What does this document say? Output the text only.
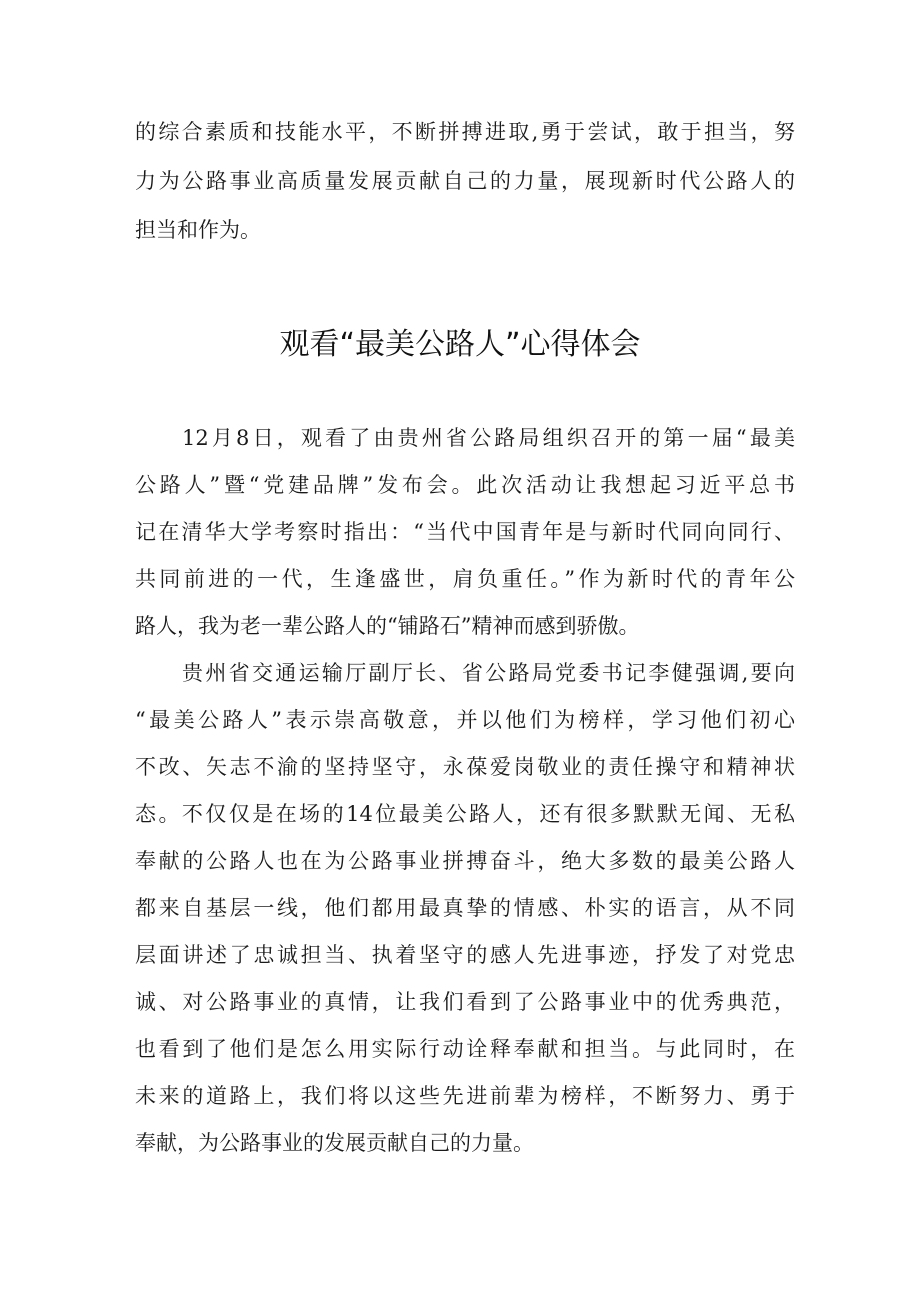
的综合素质和技能水平，不断拼搏进取,勇于尝试，敢于担当，努
力为公路事业高质量发展贡献自己的力量，展现新时代公路人的
担当和作为。
观看“最美公路人”心得体会
12月8日，观看了由贵州省公路局组织召开的第一届“最美
公路人”暨“党建品牌”发布会。此次活动让我想起习近平总书
记在清华大学考察时指出：“当代中国青年是与新时代同向同行、
共同前进的一代，生逢盛世，肩负重任。”作为新时代的青年公
路人，我为老一辈公路人的“铺路石”精神而感到骄傲。
贵州省交通运输厅副厅长、省公路局党委书记李健强调,要向
“最美公路人”表示崇高敬意，并以他们为榜样，学习他们初心
不改、矢志不渝的坚持坚守，永葆爱岗敬业的责任操守和精神状
态。不仅仅是在场的14位最美公路人，还有很多默默无闻、无私
奉献的公路人也在为公路事业拼搏奋斗，绝大多数的最美公路人
都来自基层一线，他们都用最真挚的情感、朴实的语言，从不同
层面讲述了忠诚担当、执着坚守的感人先进事迹，抒发了对党忠
诚、对公路事业的真情，让我们看到了公路事业中的优秀典范，
也看到了他们是怎么用实际行动诠释奉献和担当。与此同时，在
未来的道路上，我们将以这些先进前辈为榜样，不断努力、勇于
奉献，为公路事业的发展贡献自己的力量。
